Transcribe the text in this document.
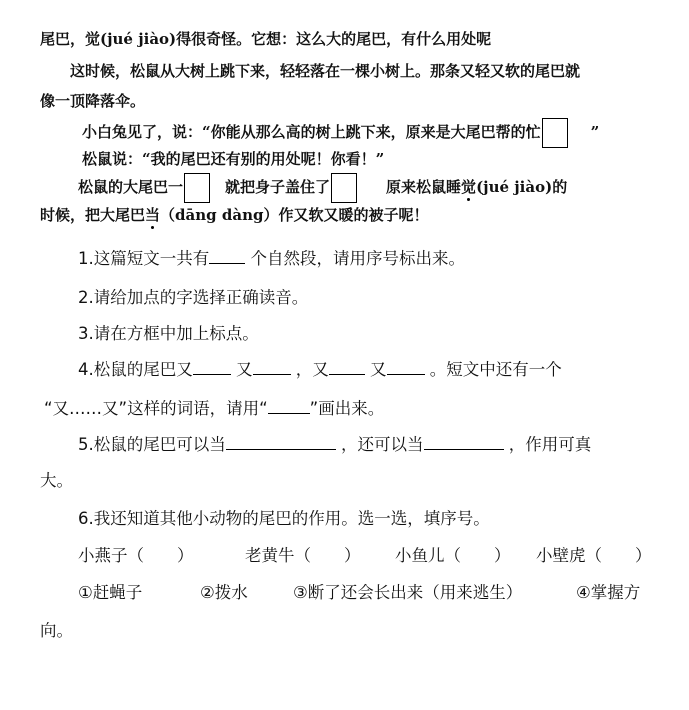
尾巴，觉(jué jiào)得很奇怪。它想：这么大的尾巴，有什么用处呢
这时候，松鼠从大树上跳下来，轻轻落在一棵小树上。那条又轻又软的尾巴就
像一顶降落伞。
小白兔见了，说：“你能从那么高的树上跳下来，原来是大尾巴帮的忙	”
松鼠说：“我的尾巴还有别的用处呢！你看！”
松鼠的大尾巴一	就把身子盖住了	原来松鼠睡觉(jué jiào)的
时候，把大尾巴当（dāng dàng）作又软又暖的被子呢！
1.这篇短文一共有	个自然段，请用序号标出来。
2.请给加点的字选择正确读音。
3.请在方框中加上标点。
4.松鼠的尾巴又	又	，又	又	。短文中还有一个
“又……又”这样的词语，请用“	”画出来。
5.松鼠的尾巴可以当	，还可以当	，作用可真
大。
6.我还知道其他小动物的尾巴的作用。选一选，填序号。
小燕子（　　）	老黄牛（　　） 小鱼儿（　　） 小壁虎（　　）
①赶蝇子	②拨水	③断了还会长出来（用来逃生）	④掌握方
向。
